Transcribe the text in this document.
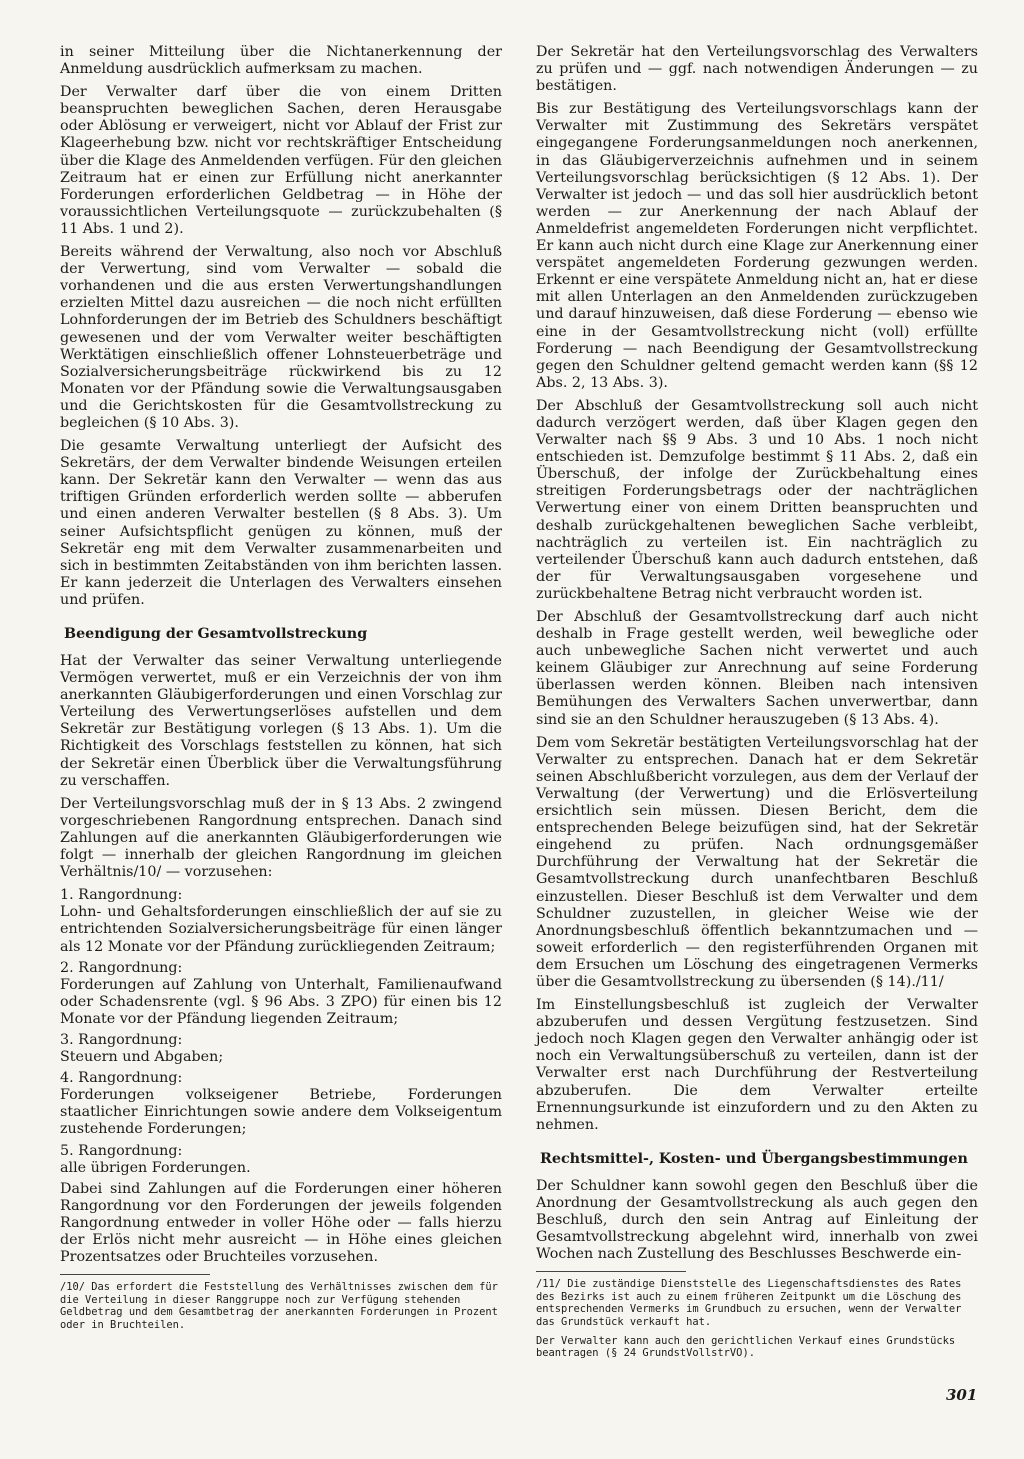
in seiner Mitteilung über die Nichtanerkennung der Anmeldung ausdrücklich aufmerksam zu machen.

Der Verwalter darf über die von einem Dritten beanspruchten beweglichen Sachen, deren Herausgabe oder Ablösung er verweigert, nicht vor Ablauf der Frist zur Klageerhebung bzw. nicht vor rechtskräftiger Entscheidung über die Klage des Anmeldenden verfügen. Für den gleichen Zeitraum hat er einen zur Erfüllung nicht anerkannter Forderungen erforderlichen Geldbetrag — in Höhe der voraussichtlichen Verteilungsquote — zurückzubehalten (§ 11 Abs. 1 und 2).

Bereits während der Verwaltung, also noch vor Abschluß der Verwertung, sind vom Verwalter — sobald die vorhandenen und die aus ersten Verwertungshandlungen erzielten Mittel dazu ausreichen — die noch nicht erfüllten Lohnforderungen der im Betrieb des Schuldners beschäftigt gewesenen und der vom Verwalter weiter beschäftigten Werktätigen einschließlich offener Lohnsteuerbeträge und Sozialversicherungsbeiträge rückwirkend bis zu 12 Monaten vor der Pfändung sowie die Verwaltungsausgaben und die Gerichtskosten für die Gesamtvollstreckung zu begleichen (§ 10 Abs. 3).

Die gesamte Verwaltung unterliegt der Aufsicht des Sekretärs, der dem Verwalter bindende Weisungen erteilen kann. Der Sekretär kann den Verwalter — wenn das aus triftigen Gründen erforderlich werden sollte — abberufen und einen anderen Verwalter bestellen (§ 8 Abs. 3). Um seiner Aufsichtspflicht genügen zu können, muß der Sekretär eng mit dem Verwalter zusammenarbeiten und sich in bestimmten Zeitabständen von ihm berichten lassen. Er kann jederzeit die Unterlagen des Verwalters einsehen und prüfen.

Beendigung der Gesamtvollstreckung

Hat der Verwalter das seiner Verwaltung unterliegende Vermögen verwertet, muß er ein Verzeichnis der von ihm anerkannten Gläubigerforderungen und einen Vorschlag zur Verteilung des Verwertungserlöses aufstellen und dem Sekretär zur Bestätigung vorlegen (§ 13 Abs. 1). Um die Richtigkeit des Vorschlags feststellen zu können, hat sich der Sekretär einen Überblick über die Verwaltungsführung zu verschaffen.

Der Verteilungsvorschlag muß der in § 13 Abs. 2 zwingend vorgeschriebenen Rangordnung entsprechen. Danach sind Zahlungen auf die anerkannten Gläubigerforderungen wie folgt — innerhalb der gleichen Rangordnung im gleichen Verhältnis/10/ — vorzusehen:

1. Rangordnung:
Lohn- und Gehaltsforderungen einschließlich der auf sie zu entrichtenden Sozialversicherungsbeiträge für einen länger als 12 Monate vor der Pfändung zurückliegenden Zeitraum;
2. Rangordnung:
Forderungen auf Zahlung von Unterhalt, Familienaufwand oder Schadensrente (vgl. § 96 Abs. 3 ZPO) für einen bis 12 Monate vor der Pfändung liegenden Zeitraum;
3. Rangordnung:
Steuern und Abgaben;
4. Rangordnung:
Forderungen volkseigener Betriebe, Forderungen staatlicher Einrichtungen sowie andere dem Volkseigentum zustehende Forderungen;
5. Rangordnung:
alle übrigen Forderungen.

Dabei sind Zahlungen auf die Forderungen einer höheren Rangordnung vor den Forderungen der jeweils folgenden Rangordnung entweder in voller Höhe oder — falls hierzu der Erlös nicht mehr ausreicht — in Höhe eines gleichen Prozentsatzes oder Bruchteiles vorzusehen.

/10/ Das erfordert die Feststellung des Verhältnisses zwischen dem für die Verteilung in dieser Ranggruppe noch zur Verfügung stehenden Geldbetrag und dem Gesamtbetrag der anerkannten Forderungen in Prozent oder in Bruchteilen.

Der Sekretär hat den Verteilungsvorschlag des Verwalters zu prüfen und — ggf. nach notwendigen Änderungen — zu bestätigen.

Bis zur Bestätigung des Verteilungsvorschlags kann der Verwalter mit Zustimmung des Sekretärs verspätet eingegangene Forderungsanmeldungen noch anerkennen, in das Gläubigerverzeichnis aufnehmen und in seinem Verteilungsvorschlag berücksichtigen (§ 12 Abs. 1). Der Verwalter ist jedoch — und das soll hier ausdrücklich betont werden — zur Anerkennung der nach Ablauf der Anmeldefrist angemeldeten Forderungen nicht verpflichtet. Er kann auch nicht durch eine Klage zur Anerkennung einer verspätet angemeldeten Forderung gezwungen werden. Erkennt er eine verspätete Anmeldung nicht an, hat er diese mit allen Unterlagen an den Anmeldenden zurückzugeben und darauf hinzuweisen, daß diese Forderung — ebenso wie eine in der Gesamtvollstreckung nicht (voll) erfüllte Forderung — nach Beendigung der Gesamtvollstreckung gegen den Schuldner geltend gemacht werden kann (§§ 12 Abs. 2, 13 Abs. 3).

Der Abschluß der Gesamtvollstreckung soll auch nicht dadurch verzögert werden, daß über Klagen gegen den Verwalter nach §§ 9 Abs. 3 und 10 Abs. 1 noch nicht entschieden ist. Demzufolge bestimmt § 11 Abs. 2, daß ein Überschuß, der infolge der Zurückbehaltung eines streitigen Forderungsbetrags oder der nachträglichen Verwertung einer von einem Dritten beanspruchten und deshalb zurückgehaltenen beweglichen Sache verbleibt, nachträglich zu verteilen ist. Ein nachträglich zu verteilender Überschuß kann auch dadurch entstehen, daß der für Verwaltungsausgaben vorgesehene und zurückbehaltene Betrag nicht verbraucht worden ist.

Der Abschluß der Gesamtvollstreckung darf auch nicht deshalb in Frage gestellt werden, weil bewegliche oder auch unbewegliche Sachen nicht verwertet und auch keinem Gläubiger zur Anrechnung auf seine Forderung überlassen werden können. Bleiben nach intensiven Bemühungen des Verwalters Sachen unverwertbar, dann sind sie an den Schuldner herauszugeben (§ 13 Abs. 4).

Dem vom Sekretär bestätigten Verteilungsvorschlag hat der Verwalter zu entsprechen. Danach hat er dem Sekretär seinen Abschlußbericht vorzulegen, aus dem der Verlauf der Verwaltung (der Verwertung) und die Erlösverteilung ersichtlich sein müssen. Diesen Bericht, dem die entsprechenden Belege beizufügen sind, hat der Sekretär eingehend zu prüfen. Nach ordnungsgemäßer Durchführung der Verwaltung hat der Sekretär die Gesamtvollstreckung durch unanfechtbaren Beschluß einzustellen. Dieser Beschluß ist dem Verwalter und dem Schuldner zuzustellen, in gleicher Weise wie der Anordnungsbeschluß öffentlich bekanntzumachen und — soweit erforderlich — den registerführenden Organen mit dem Ersuchen um Löschung des eingetragenen Vermerks über die Gesamtvollstreckung zu übersenden (§ 14)./11/

Im Einstellungsbeschluß ist zugleich der Verwalter abzuberufen und dessen Vergütung festzusetzen. Sind jedoch noch Klagen gegen den Verwalter anhängig oder ist noch ein Verwaltungsüberschuß zu verteilen, dann ist der Verwalter erst nach Durchführung der Restverteilung abzuberufen. Die dem Verwalter erteilte Ernennungsurkunde ist einzufordern und zu den Akten zu nehmen.

Rechtsmittel-, Kosten- und Übergangsbestimmungen

Der Schuldner kann sowohl gegen den Beschluß über die Anordnung der Gesamtvollstreckung als auch gegen den Beschluß, durch den sein Antrag auf Einleitung der Gesamtvollstreckung abgelehnt wird, innerhalb von zwei Wochen nach Zustellung des Beschlusses Beschwerde ein-

/11/ Die zuständige Dienststelle des Liegenschaftsdienstes des Rates des Bezirks ist auch zu einem früheren Zeitpunkt um die Löschung des entsprechenden Vermerks im Grundbuch zu ersuchen, wenn der Verwalter das Grundstück verkauft hat.

Der Verwalter kann auch den gerichtlichen Verkauf eines Grundstücks beantragen (§ 24 GrundstVollstrVO).

301
